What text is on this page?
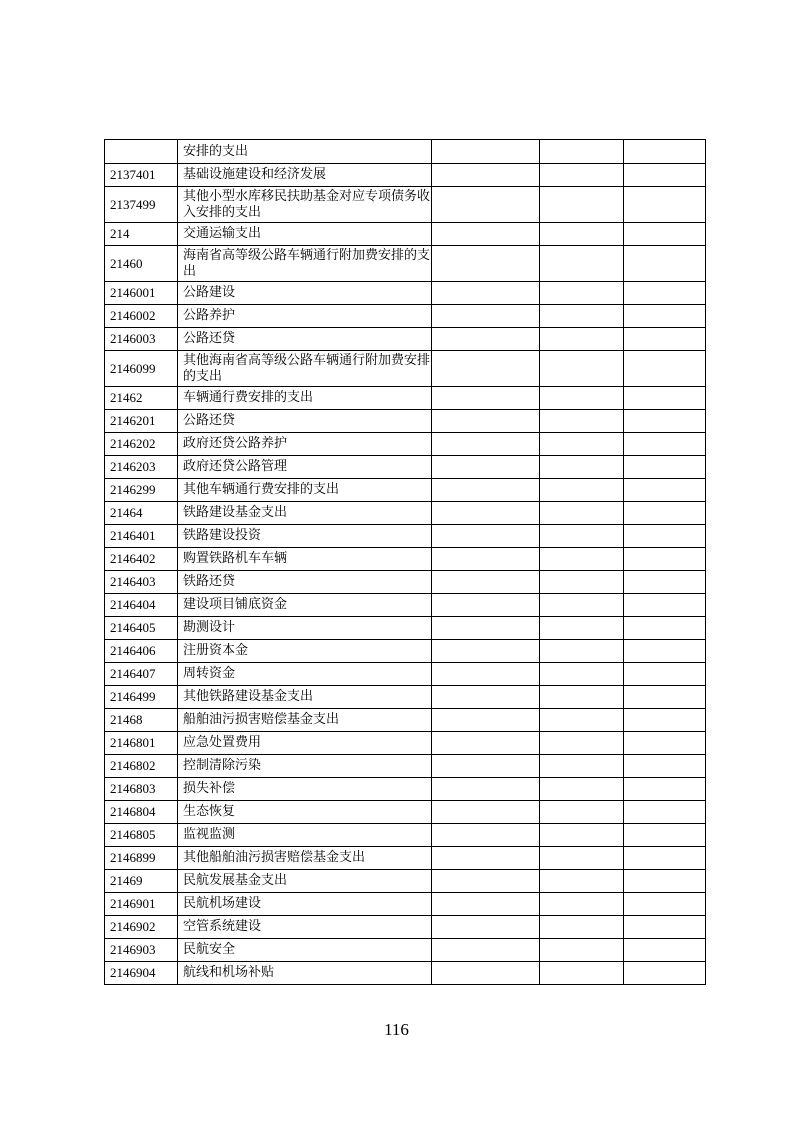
	安排的支出			
2137401	基础设施建设和经济发展			
2137499	其他小型水库移民扶助基金对应专项债务收入安排的支出			
214	交通运输支出			
21460	海南省高等级公路车辆通行附加费安排的支出			
2146001	公路建设			
2146002	公路养护			
2146003	公路还贷			
2146099	其他海南省高等级公路车辆通行附加费安排的支出			
21462	车辆通行费安排的支出			
2146201	公路还贷			
2146202	政府还贷公路养护			
2146203	政府还贷公路管理			
2146299	其他车辆通行费安排的支出			
21464	铁路建设基金支出			
2146401	铁路建设投资			
2146402	购置铁路机车车辆			
2146403	铁路还贷			
2146404	建设项目铺底资金			
2146405	勘测设计			
2146406	注册资本金			
2146407	周转资金			
2146499	其他铁路建设基金支出			
21468	船舶油污损害赔偿基金支出			
2146801	应急处置费用			
2146802	控制清除污染			
2146803	损失补偿			
2146804	生态恢复			
2146805	监视监测			
2146899	其他船舶油污损害赔偿基金支出			
21469	民航发展基金支出			
2146901	民航机场建设			
2146902	空管系统建设			
2146903	民航安全			
2146904	航线和机场补贴			
116
